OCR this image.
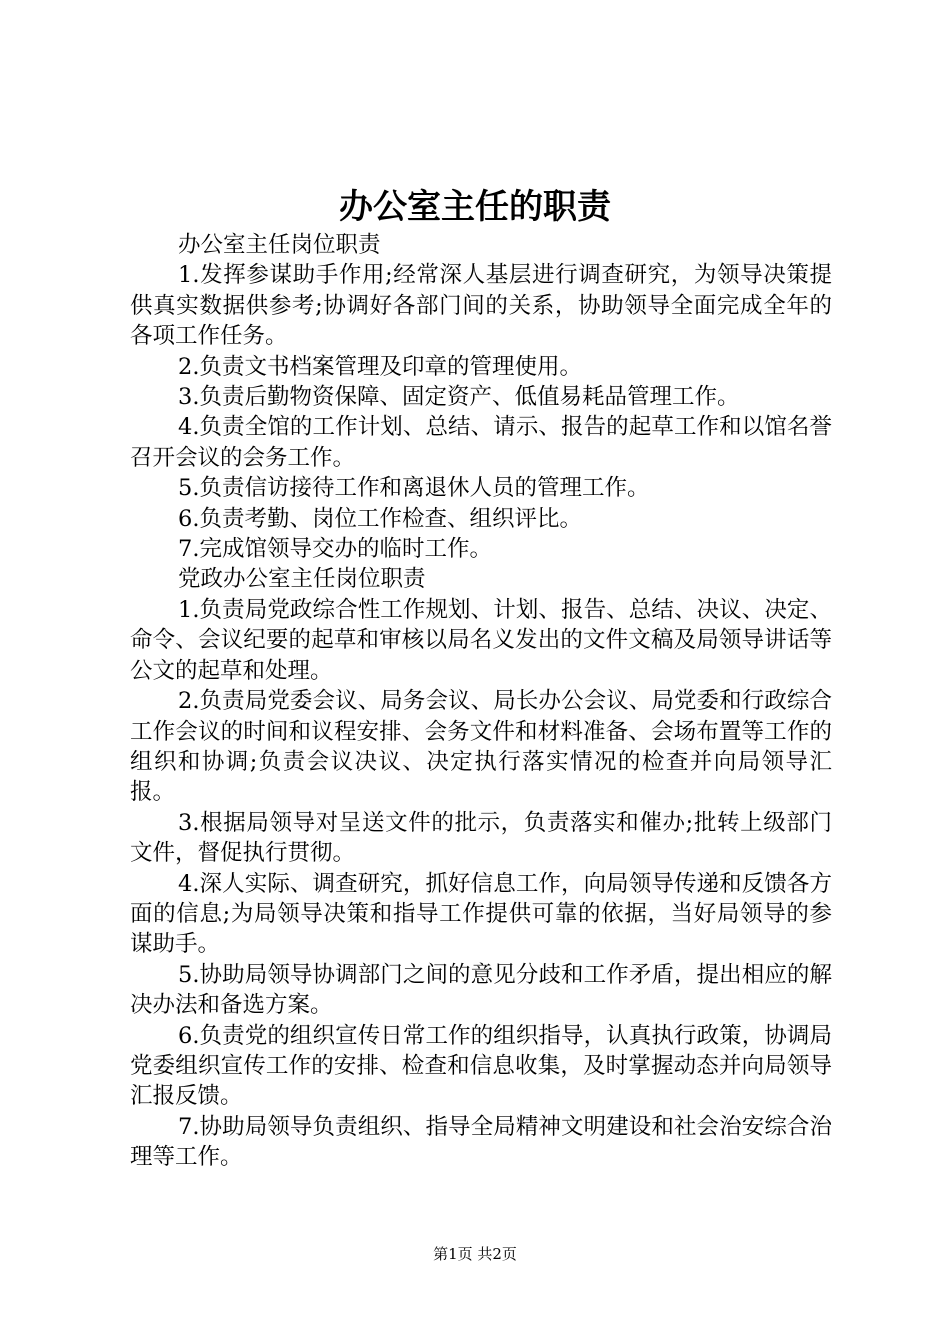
办公室主任的职责

办公室主任岗位职责

1.发挥参谋助手作用;经常深人基层进行调查研究，为领导决策提供真实数据供参考;协调好各部门间的关系，协助领导全面完成全年的各项工作任务。

2.负责文书档案管理及印章的管理使用。

3.负责后勤物资保障、固定资产、低值易耗品管理工作。

4.负责全馆的工作计划、总结、请示、报告的起草工作和以馆名誉召开会议的会务工作。

5.负责信访接待工作和离退休人员的管理工作。

6.负责考勤、岗位工作检查、组织评比。

7.完成馆领导交办的临时工作。

党政办公室主任岗位职责

1.负责局党政综合性工作规划、计划、报告、总结、决议、决定、命令、会议纪要的起草和审核以局名义发出的文件文稿及局领导讲话等公文的起草和处理。

2.负责局党委会议、局务会议、局长办公会议、局党委和行政综合工作会议的时间和议程安排、会务文件和材料准备、会场布置等工作的组织和协调;负责会议决议、决定执行落实情况的检查并向局领导汇报。

3.根据局领导对呈送文件的批示，负责落实和催办;批转上级部门文件，督促执行贯彻。

4.深人实际、调查研究，抓好信息工作，向局领导传递和反馈各方面的信息;为局领导决策和指导工作提供可靠的依据，当好局领导的参谋助手。

5.协助局领导协调部门之间的意见分歧和工作矛盾，提出相应的解决办法和备选方案。

6.负责党的组织宣传日常工作的组织指导，认真执行政策，协调局党委组织宣传工作的安排、检查和信息收集，及时掌握动态并向局领导汇报反馈。

7.协助局领导负责组织、指导全局精神文明建设和社会治安综合治理等工作。

第1页 共2页
